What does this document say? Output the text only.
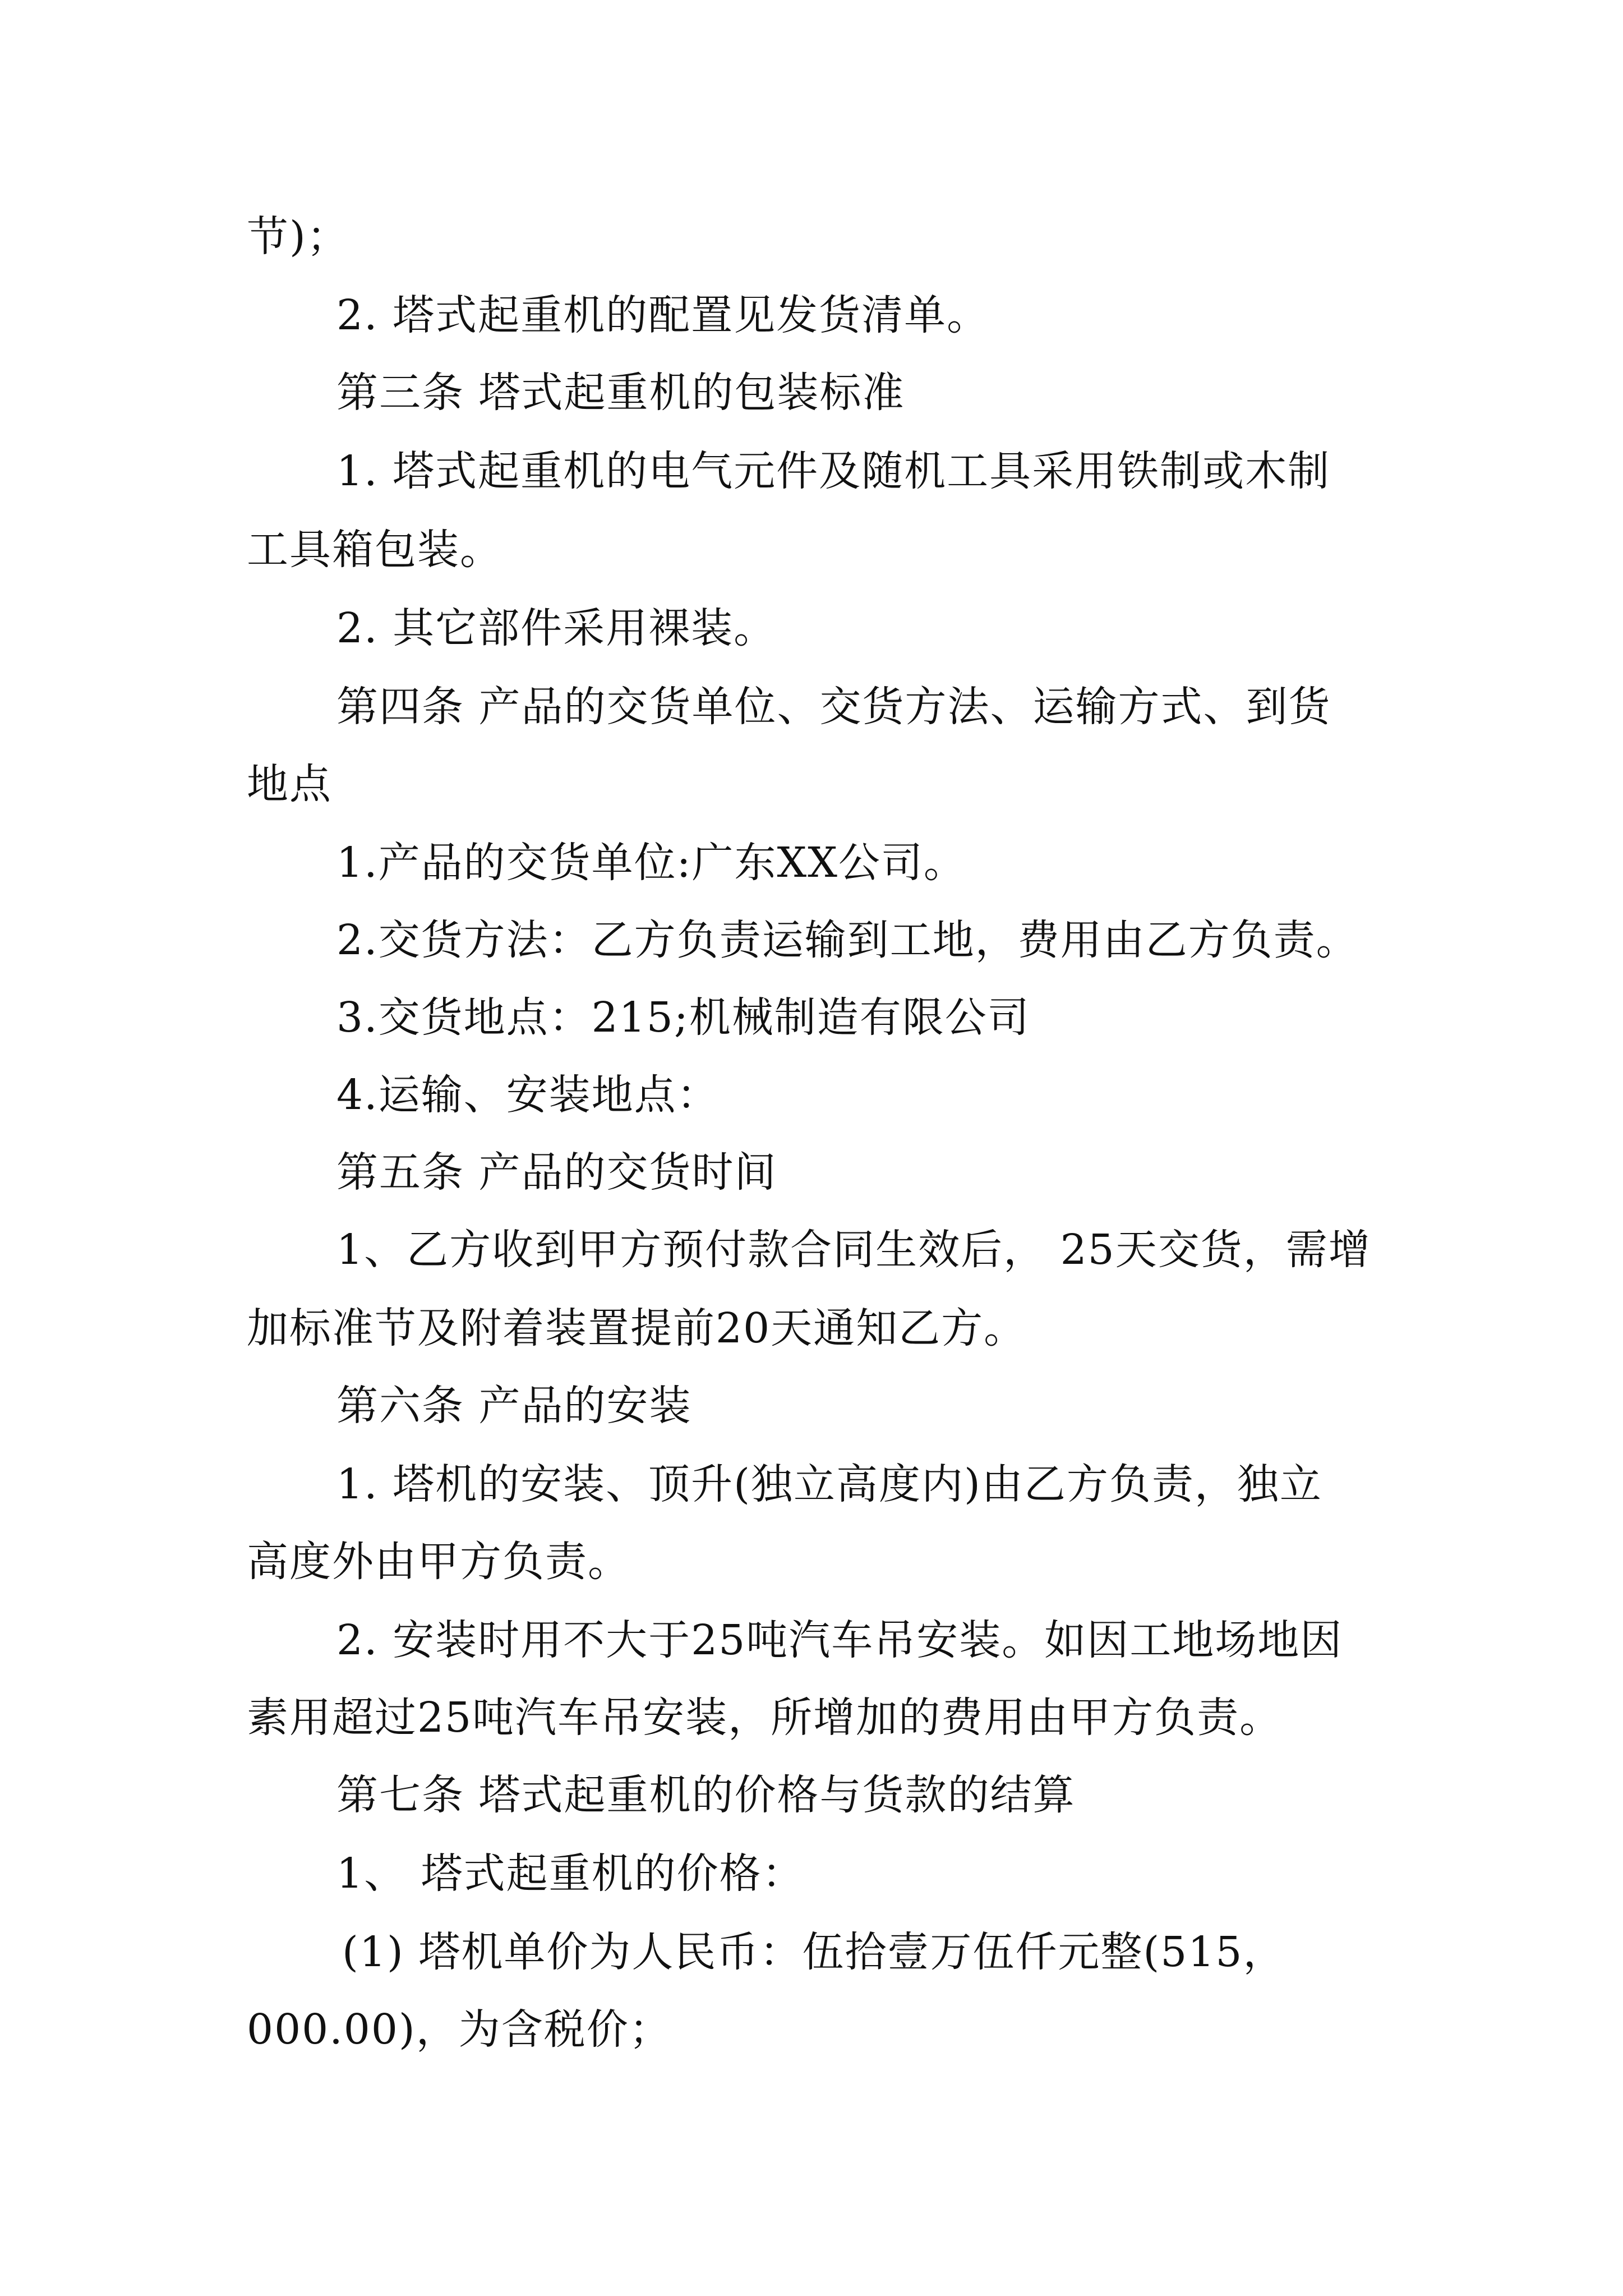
节)；
2. 塔式起重机的配置见发货清单。
第三条 塔式起重机的包装标准
1. 塔式起重机的电气元件及随机工具采用铁制或木制
工具箱包装。
2. 其它部件采用裸装。
第四条 产品的交货单位、交货方法、运输方式、到货
地点
1.产品的交货单位:广东XX公司。
2.交货方法：乙方负责运输到工地，费用由乙方负责。
3.交货地点：215;机械制造有限公司
4.运输、安装地点：
第五条 产品的交货时间
1、乙方收到甲方预付款合同生效后， 25天交货，需增
加标准节及附着装置提前20天通知乙方。
第六条 产品的安装
1. 塔机的安装、顶升(独立高度内)由乙方负责，独立
高度外由甲方负责。
2. 安装时用不大于25吨汽车吊安装。如因工地场地因
素用超过25吨汽车吊安装，所增加的费用由甲方负责。
第七条 塔式起重机的价格与货款的结算
1、 塔式起重机的价格：
(1) 塔机单价为人民币：伍拾壹万伍仟元整(515，
000.00)，为含税价；
